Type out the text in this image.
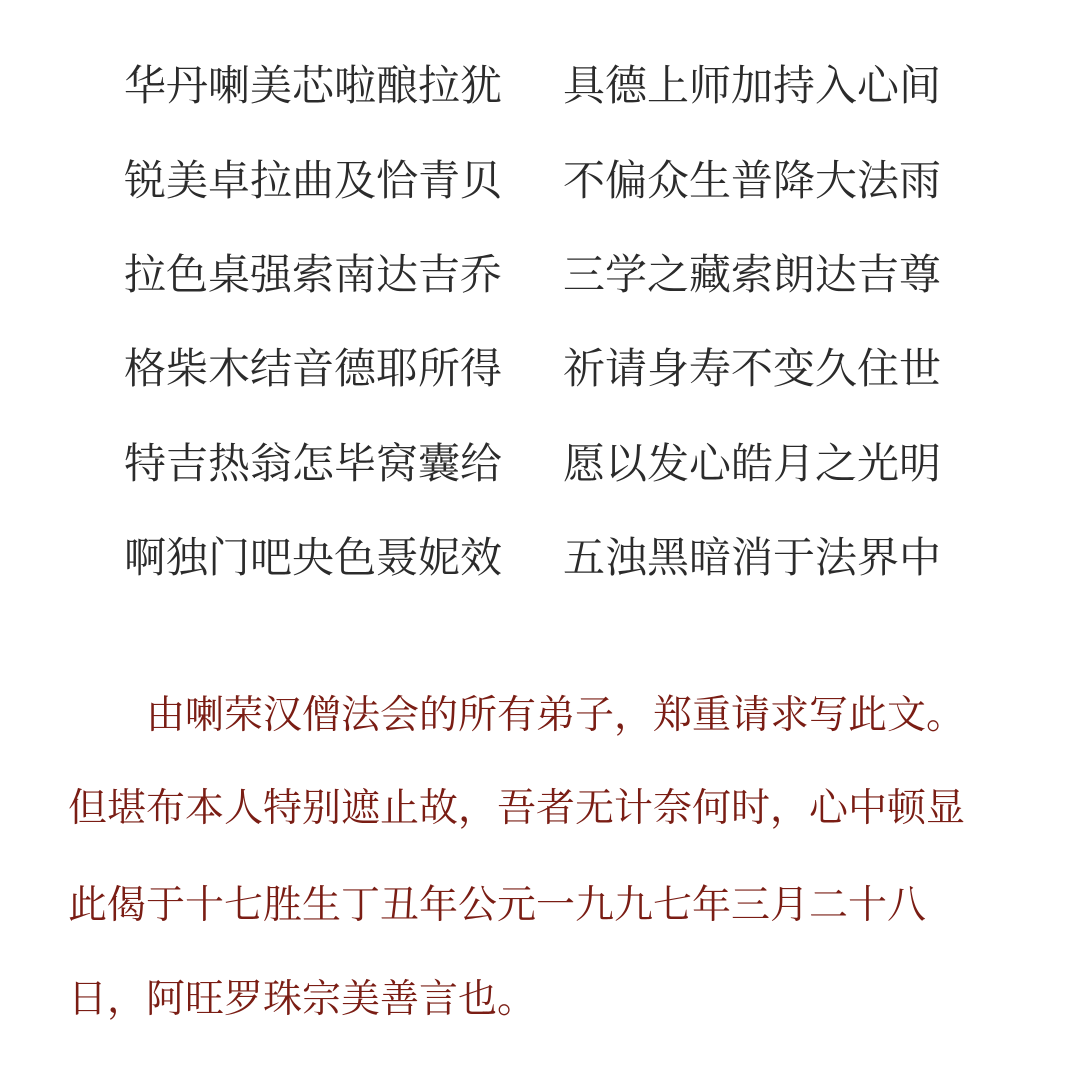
华丹喇美芯啦酿拉犹 具德上师加持入心间
锐美卓拉曲及恰青贝 不偏众生普降大法雨
拉色桌强索南达吉乔 三学之藏索朗达吉尊
格柴木结音德耶所得 祈请身寿不变久住世
特吉热翁怎毕窝囊给 愿以发心皓月之光明
啊独门吧央色聂妮效 五浊黑暗消于法界中
由喇荣汉僧法会的所有弟子，郑重请求写此文。
但堪布本人特别遮止故，吾者无计奈何时，心中顿显
此偈于十七胜生丁丑年公元一九九七年三月二十八
日，阿旺罗珠宗美善言也。
